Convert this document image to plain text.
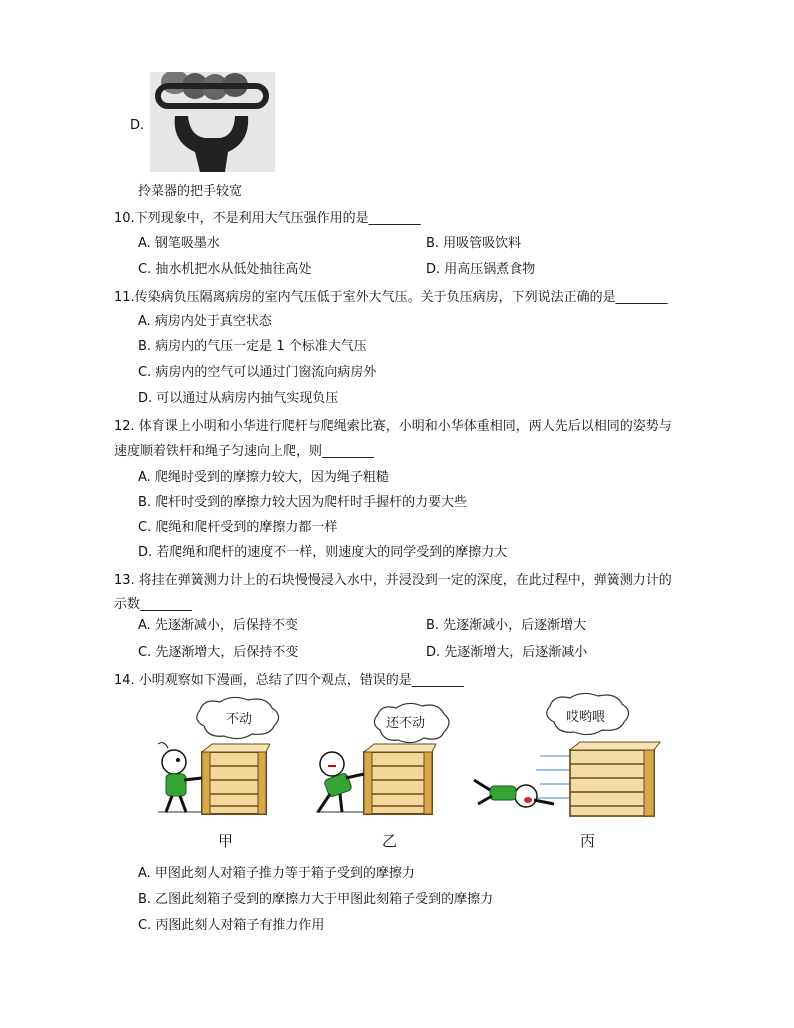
D.
拎菜器的把手较宽
10.下列现象中，不是利用大气压强作用的是________
A. 钢笔吸墨水	B. 用吸管吸饮料
C. 抽水机把水从低处抽往高处	D. 用高压锅煮食物
11.传染病负压隔离病房的室内气压低于室外大气压。关于负压病房，下列说法正确的是________
A. 病房内处于真空状态
B. 病房内的气压一定是 1 个标准大气压
C. 病房内的空气可以通过门窗流向病房外
D. 可以通过从病房内抽气实现负压
12. 体育课上小明和小华进行爬杆与爬绳索比赛，小明和小华体重相同，两人先后以相同的姿势与
速度顺着铁杆和绳子匀速向上爬，则________
A. 爬绳时受到的摩擦力较大，因为绳子粗糙
B. 爬杆时受到的摩擦力较大因为爬杆时手握杆的力要大些
C. 爬绳和爬杆受到的摩擦力都一样
D. 若爬绳和爬杆的速度不一样，则速度大的同学受到的摩擦力大
13. 将挂在弹簧测力计上的石块慢慢浸入水中，并浸没到一定的深度，在此过程中，弹簧测力计的
示数________
A. 先逐渐减小，后保持不变	B. 先逐渐减小，后逐渐增大
C. 先逐渐增大，后保持不变	D. 先逐渐增大，后逐渐减小
14. 小明观察如下漫画，总结了四个观点，错误的是________
不动	还不动	哎哟喂
甲	乙	丙
A. 甲图此刻人对箱子推力等于箱子受到的摩擦力
B. 乙图此刻箱子受到的摩擦力大于甲图此刻箱子受到的摩擦力
C. 丙图此刻人对箱子有推力作用
